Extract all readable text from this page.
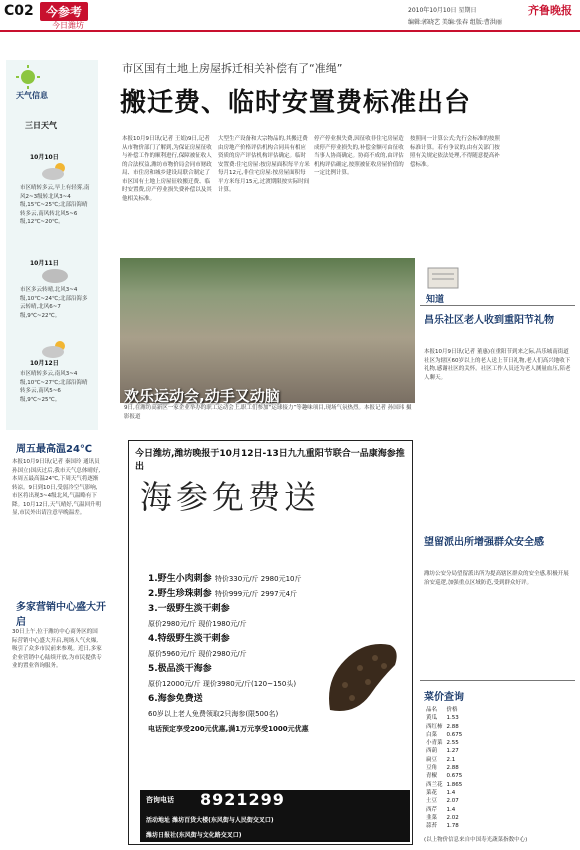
C02	今参考
今日潍坊
2010年10月10日 星期日	齐鲁晚报
编辑:郭晓艺 美编:张春 组版:曹洪丽
天气信息
三日天气
10月10日
市区晴转多云,早上有轻雾,南风2~3级转北风3~4级,15℃~25℃;北部沿海晴转多云,南风转北风5~6级,12℃~20℃。
10月11日
市区多云转晴,北风3~4级,10℃~24℃;北部沿海多云转晴,北风6~7级,9℃~22℃。
10月12日
市区晴转多云,南风3~4级,10℃~27℃;北部沿海晴转多云,南风5~6级,9℃~25℃。
周五最高温24℃
本报10月9日讯(记者 秦国玲 通讯员 孙国立)国庆过后,我市天气总体晴好,本周五最高温24℃,下周天气将逐渐转凉。9日到10日,受弱冷空气影响,市区将出现3~4级北风,气温略有下降。10月12日,天气晴好,气温回升明显,市民外出请注意早晚温差。
多家营销中心盛大开启
30日上午,位于潍坊中心商务区的国际营销中心盛大开启,现场人气火爆,吸引了众多市民前来参观。近日,多家企业营销中心陆续开放,为市民提供专业的置业咨询服务。
市区国有土地上房屋拆迁相关补偿有了“准绳”
搬迁费、临时安置费标准出台
本报10月9日讯(记者 王娟)9日,记者从市物价部门了解到,为保证房屋征收与补偿工作的顺利进行,保障被征收人的合法权益,潍坊市物价局会同市财政局、市住房和城乡建设局联合制定了市区国有土地上房屋征收搬迁费、临时安置费,房产停业损失费补偿以及其他相关标准。
大型生产设备和大宗物品的,其搬迁费由房地产价格评估机构合同具有相应资质的房产评估机构评估确定。临时安置费:住宅房屋:按房屋面积每平方米每月12元,非住宅房屋:按房屋面积每平方米每月15元,过渡期限按实际时间计算。
停产停业损失费,因征收非住宅房屋造成停产停业损失的,补偿金额可由征收当事人协商确定。协商不成的,由评估机构评估确定,按照被征收房屋价值的一定比例计算。
按照同一计算公式;先行会标准的按照标准计算。若有争议的,由有关部门按照有关规定依法处理,不得随意提高补偿标准。
欢乐运动会,动手又动脑
9日,在潍坊高新区一家企业举办的职工运动会上,职工们参加“运球接力”等趣味项目,现场气氛热烈。本报记者 孙国玮 摄影报道
今日潍坊,潍坊晚报于10月12日-13日九九重阳节联合一品康海参推出
海参免费送
1.野生小肉刺参 特价330元/斤 2980元10斤
2.野生珍珠刺参 特价999元/斤 2997元4斤
3.一级野生淡干刺参
原价2980元/斤 现价1980元/斤
4.特级野生淡干刺参
原价5960元/斤 现价2980元/斤
5.极品淡干海参
原价12000元/斤 现价3980元/斤(120~150头)
6.海参免费送
60岁以上老人免费领取2只海参(限500名)
电话预定享受200元优惠,满1万元享受1000元优惠
咨询电话 8921299
活动地址 潍坊百货大楼(东风街与人民街交叉口)
潍坊日报社(东风街与文化路交叉口)
知道
昌乐社区老人收到重阳节礼物
本报10月9日讯(记者 董惠)在重阳节到来之际,昌乐城南街道社区为辖区60岁以上的老人送上节日礼物,老人们高兴地收下礼物,感谢社区的关怀。社区工作人员还为老人测量血压,陪老人聊天。
望留派出所增强群众安全感
潍坊公安分局望留派出所为提高辖区群众的安全感,积极开展治安巡逻,加强重点区域防范,受到群众好评。
菜价查询
品名	价格
黄瓜	1.53
西红柿	2.88
白菜	0.675
小青菜	2.55
西葫	1.27
扁豆	2.1
豆角	2.88
青椒	0.675
西兰花	1.865
菜花	1.4
土豆	2.07
西芹	1.4
韭菜	2.02
蒜苔	1.78
(以上物价信息来自中国寿光蔬菜指数中心)
